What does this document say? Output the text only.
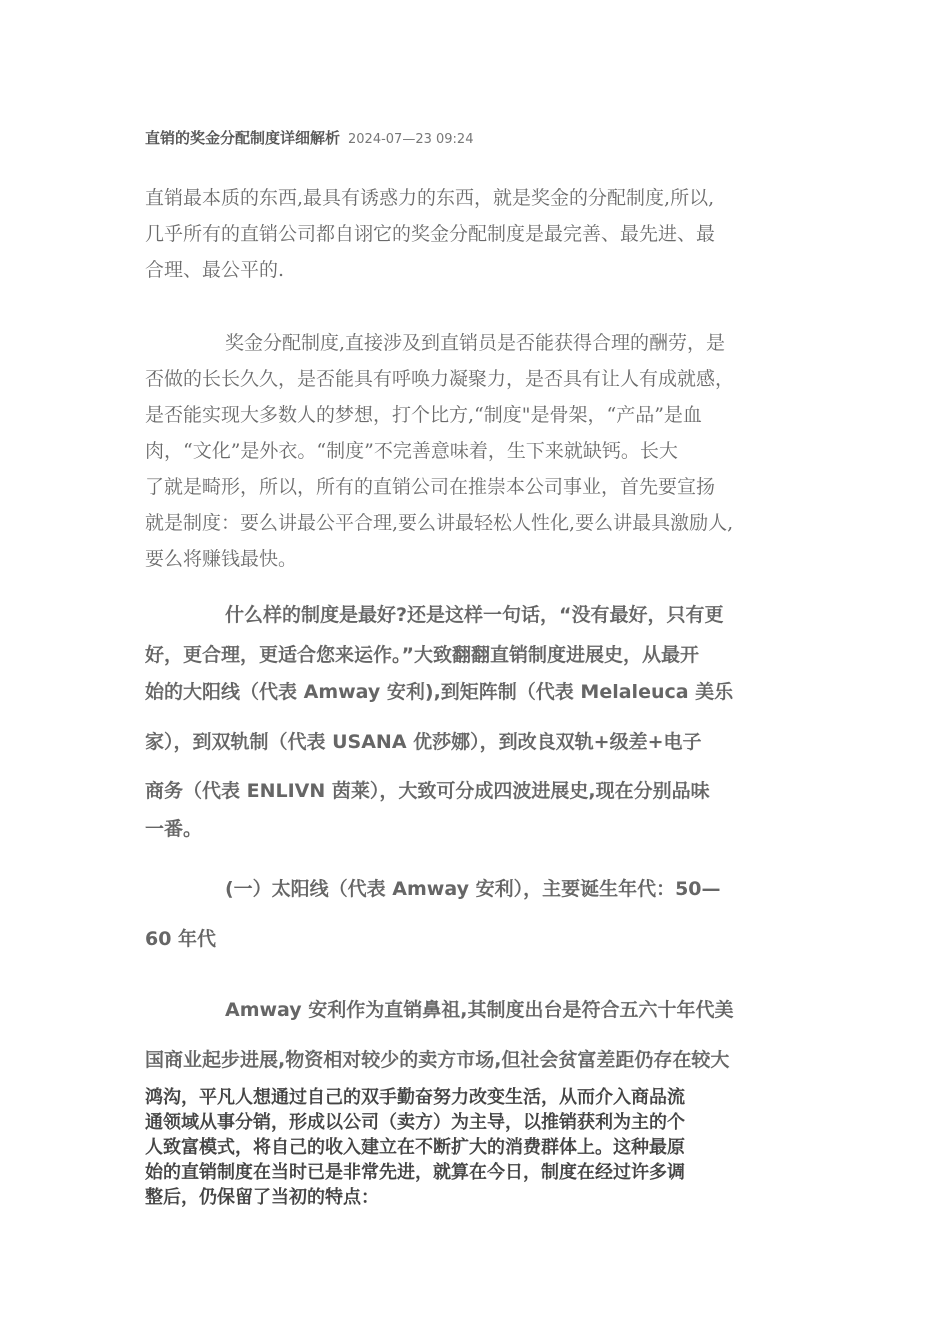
直销的奖金分配制度详细解析 2024-07—23 09:24

直销最本质的东西,最具有诱惑力的东西，就是奖金的分配制度,所以,
几乎所有的直销公司都自诩它的奖金分配制度是最完善、最先进、最
合理、最公平的.

奖金分配制度,直接涉及到直销员是否能获得合理的酬劳，是
否做的长长久久，是否能具有呼唤力凝聚力，是否具有让人有成就感，
是否能实现大多数人的梦想，打个比方,“制度"是骨架，“产品”是血
肉，“文化”是外衣。“制度”不完善意味着，生下来就缺钙。长大
了就是畸形，所以，所有的直销公司在推崇本公司事业，首先要宣扬
就是制度：要么讲最公平合理,要么讲最轻松人性化,要么讲最具激励人,
要么将赚钱最快。

什么样的制度是最好?还是这样一句话，“没有最好，只有更
好，更合理，更适合您来运作。”大致翻翻直销制度进展史，从最开
始的大阳线（代表 Amway 安利),到矩阵制（代表 Melaleuca 美乐
家），到双轨制（代表 USANA 优莎娜），到改良双轨+级差+电子
商务（代表 ENLIVN 茵莱），大致可分成四波进展史,现在分别品味
一番。
(一）太阳线（代表 Amway 安利），主要诞生年代：50—
60 年代
Amway 安利作为直销鼻祖,其制度出台是符合五六十年代美
国商业起步进展,物资相对较少的卖方市场,但社会贫富差距仍存在较大

鸿沟，平凡人想通过自己的双手勤奋努力改变生活，从而介入商品流
通领域从事分销，形成以公司（卖方）为主导，以推销获利为主的个
人致富模式，将自己的收入建立在不断扩大的消费群体上。这种最原
始的直销制度在当时已是非常先进，就算在今日，制度在经过许多调
整后，仍保留了当初的特点：
